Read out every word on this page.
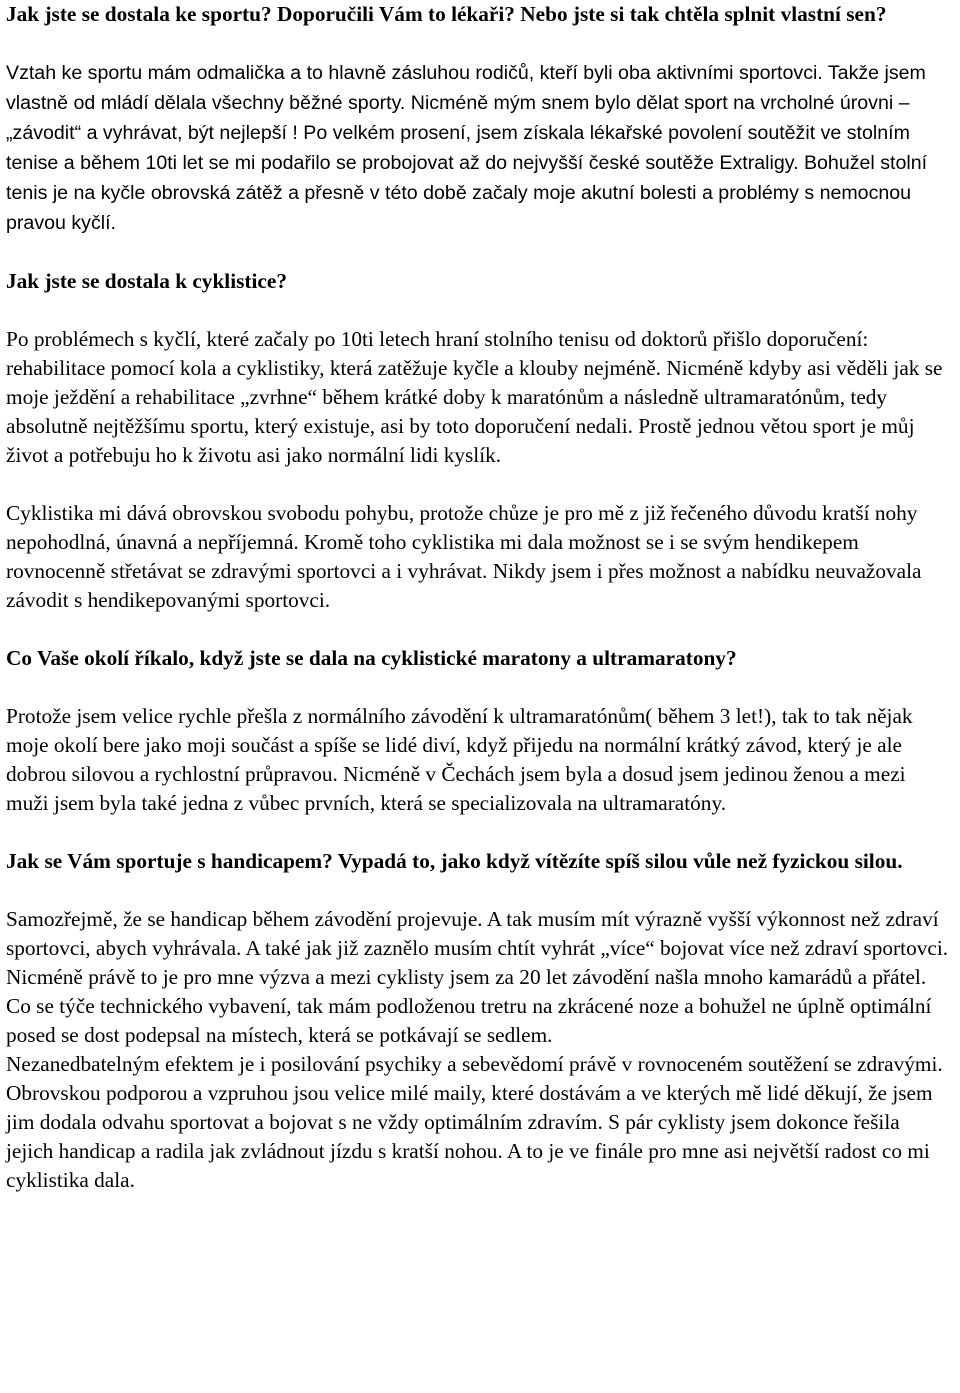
Jak jste se dostala ke sportu? Doporučili Vám to lékaři? Nebo jste si tak chtěla splnit vlastní sen?

Vztah ke sportu mám odmalička a to hlavně zásluhou rodičů, kteří byli oba aktivními sportovci. Takže jsem vlastně od mládí dělala všechny běžné sporty. Nicméně mým snem bylo dělat sport na vrcholné úrovni – „závodit“ a vyhrávat, být nejlepší ! Po velkém prosení, jsem získala lékařské povolení soutěžit ve stolním tenise a během 10ti let se mi podařilo se probojovat až do nejvyšší české soutěže Extraligy. Bohužel stolní tenis je na kyčle obrovská zátěž a přesně v této době začaly moje akutní bolesti a problémy s nemocnou pravou kyčlí.

Jak jste se dostala k cyklistice?

Po problémech s kyčlí, které začaly po 10ti letech hraní stolního tenisu od doktorů přišlo doporučení: rehabilitace pomocí kola a cyklistiky, která zatěžuje kyčle a klouby nejméně. Nicméně kdyby asi věděli jak se moje ježdění a rehabilitace „zvrhne“ během krátké doby k maratónům a následně ultramaratónům, tedy absolutně nejtěžšímu sportu, který existuje, asi by toto doporučení nedali. Prostě jednou větou sport je můj život a potřebuju ho k životu asi jako normální lidi kyslík.

Cyklistika mi dává obrovskou svobodu pohybu, protože chůze je pro mě z již řečeného důvodu kratší nohy nepohodlná, únavná a nepříjemná. Kromě toho cyklistika mi dala možnost se i se svým hendikepem rovnocenně střetávat se zdravými sportovci a i vyhrávat. Nikdy jsem i přes možnost a nabídku neuvažovala závodit s hendikepovanými sportovci.

Co Vaše okolí říkalo, když jste se dala na cyklistické maratony a ultramaratony?

Protože jsem velice rychle přešla z normálního závodění k ultramaratónům( během 3 let!), tak to tak nějak moje okolí bere jako moji součást a spíše se lidé diví, když přijedu na normální krátký závod, který je ale dobrou silovou a rychlostní průpravou. Nicméně v Čechách jsem byla a dosud jsem jedinou ženou a mezi muži jsem byla také jedna z vůbec prvních, která se specializovala na ultramaratóny.

Jak se Vám sportuje s handicapem? Vypadá to, jako když vítězíte spíš silou vůle než fyzickou silou.

Samozřejmě, že se handicap během závodění projevuje. A tak musím mít výrazně vyšší výkonnost než zdraví sportovci, abych vyhrávala. A také jak již zaznělo musím chtít vyhrát „více“ bojovat více než zdraví sportovci. Nicméně právě to je pro mne výzva a mezi cyklisty jsem za 20 let závodění našla mnoho kamarádů a přátel.

Co se týče technického vybavení, tak mám podloženou tretru na zkrácené noze a bohužel ne úplně optimální posed se dost podepsal na místech, která se potkávají se sedlem.

Nezanedbatelným efektem je i posilování psychiky a sebevědomí právě v rovnoceném soutěžení se zdravými. Obrovskou podporou a vzpruhou jsou velice milé maily, které dostávám a ve kterých mě lidé děkují, že jsem jim dodala odvahu sportovat a bojovat s ne vždy optimálním zdravím. S pár cyklisty jsem dokonce řešila jejich handicap a radila jak zvládnout jízdu s kratší nohou. A to je ve finále pro mne asi největší radost co mi cyklistika dala.
